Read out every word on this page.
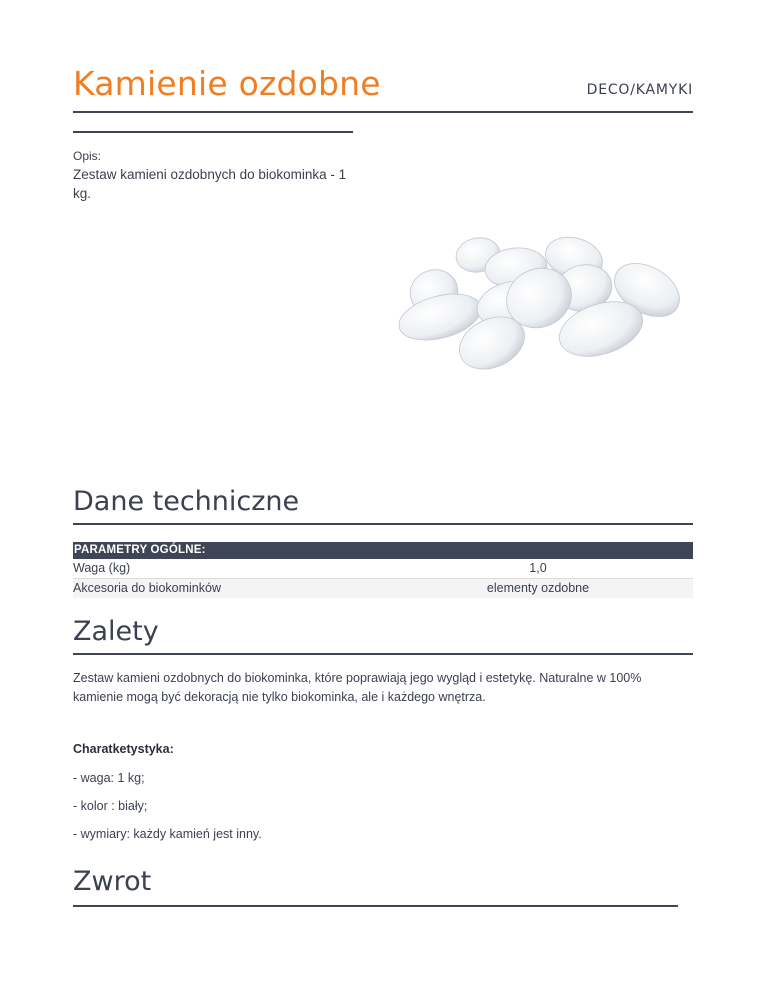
Kamienie ozdobne	DECO/KAMYKI
Opis:
Zestaw kamieni ozdobnych do biokominka - 1 kg.
Dane techniczne
PARAMETRY OGÓLNE:
Waga (kg)	1,0
Akcesoria do biokominków	elementy ozdobne
Zalety
Zestaw kamieni ozdobnych do biokominka, które poprawiają jego wygląd i estetykę. Naturalne w 100% kamienie mogą być dekoracją nie tylko biokominka, ale i każdego wnętrza.
Charatketystyka:
- waga: 1 kg;
- kolor : biały;
- wymiary: każdy kamień jest inny.
Zwrot
